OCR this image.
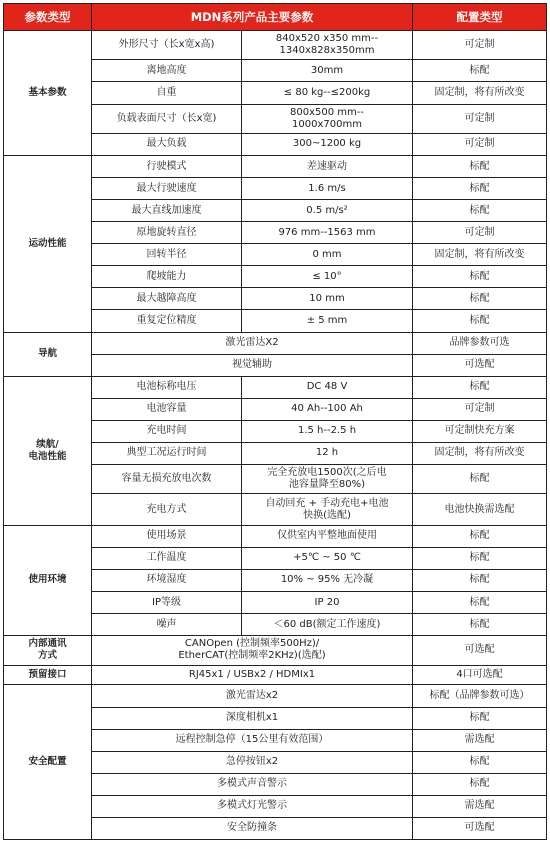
参数类型	MDN系列产品主要参数		配置类型
基本参数	外形尺寸（长x宽x高)	840x520 x350 mm--
1340x828x350mm	可定制
	离地高度	30mm	标配
	自重	≤ 80 kg--≤200kg	固定制，将有所改变
	负载表面尺寸（长x宽)	800x500 mm--
1000x700mm	可定制
	最大负载	300~1200 kg	可定制
运动性能	行驶模式	差速驱动	标配
	最大行驶速度	1.6 m/s	标配
	最大直线加速度	0.5 m/s²	标配
	原地旋转直径	976 mm--1563 mm	可定制
	回转半径	0 mm	固定制，将有所改变
	爬坡能力	≤ 10°	标配
	最大越障高度	10 mm	标配
	重复定位精度	± 5 mm	标配
导航	激光雷达X2		品牌参数可选
	视觉辅助		可选配
续航/
电池性能	电池标称电压	DC 48 V	标配
	电池容量	40 Ah--100 Ah	可定制
	充电时间	1.5 h--2.5 h	可定制快充方案
	典型工况运行时间	12 h	固定制，将有所改变
	容量无损充放电次数	完全充放电1500次(之后电
池容量降至80%)	标配
	充电方式	自动回充 + 手动充电+电池
快换(选配)	电池快换需选配
使用环境	使用场景	仅供室内平整地面使用	标配
	工作温度	+5℃ ~ 50 ℃	标配
	环境湿度	10% ~ 95% 无冷凝	标配
	IP等级	IP 20	标配
	噪声	＜60 dB(额定工作速度)	标配
内部通讯
方式	CANOpen (控制频率500Hz)/
EtherCAT(控制频率2KHz)(选配)		可选配
预留接口	RJ45x1 / USBx2 / HDMIx1		4口可选配
安全配置	激光雷达x2		标配（品牌参数可选）
	深度相机x1		标配
	远程控制急停（15公里有效范围）		需选配
	急停按钮x2		标配
	多模式声音警示		标配
	多模式灯光警示		需选配
	安全防撞条		可选配
